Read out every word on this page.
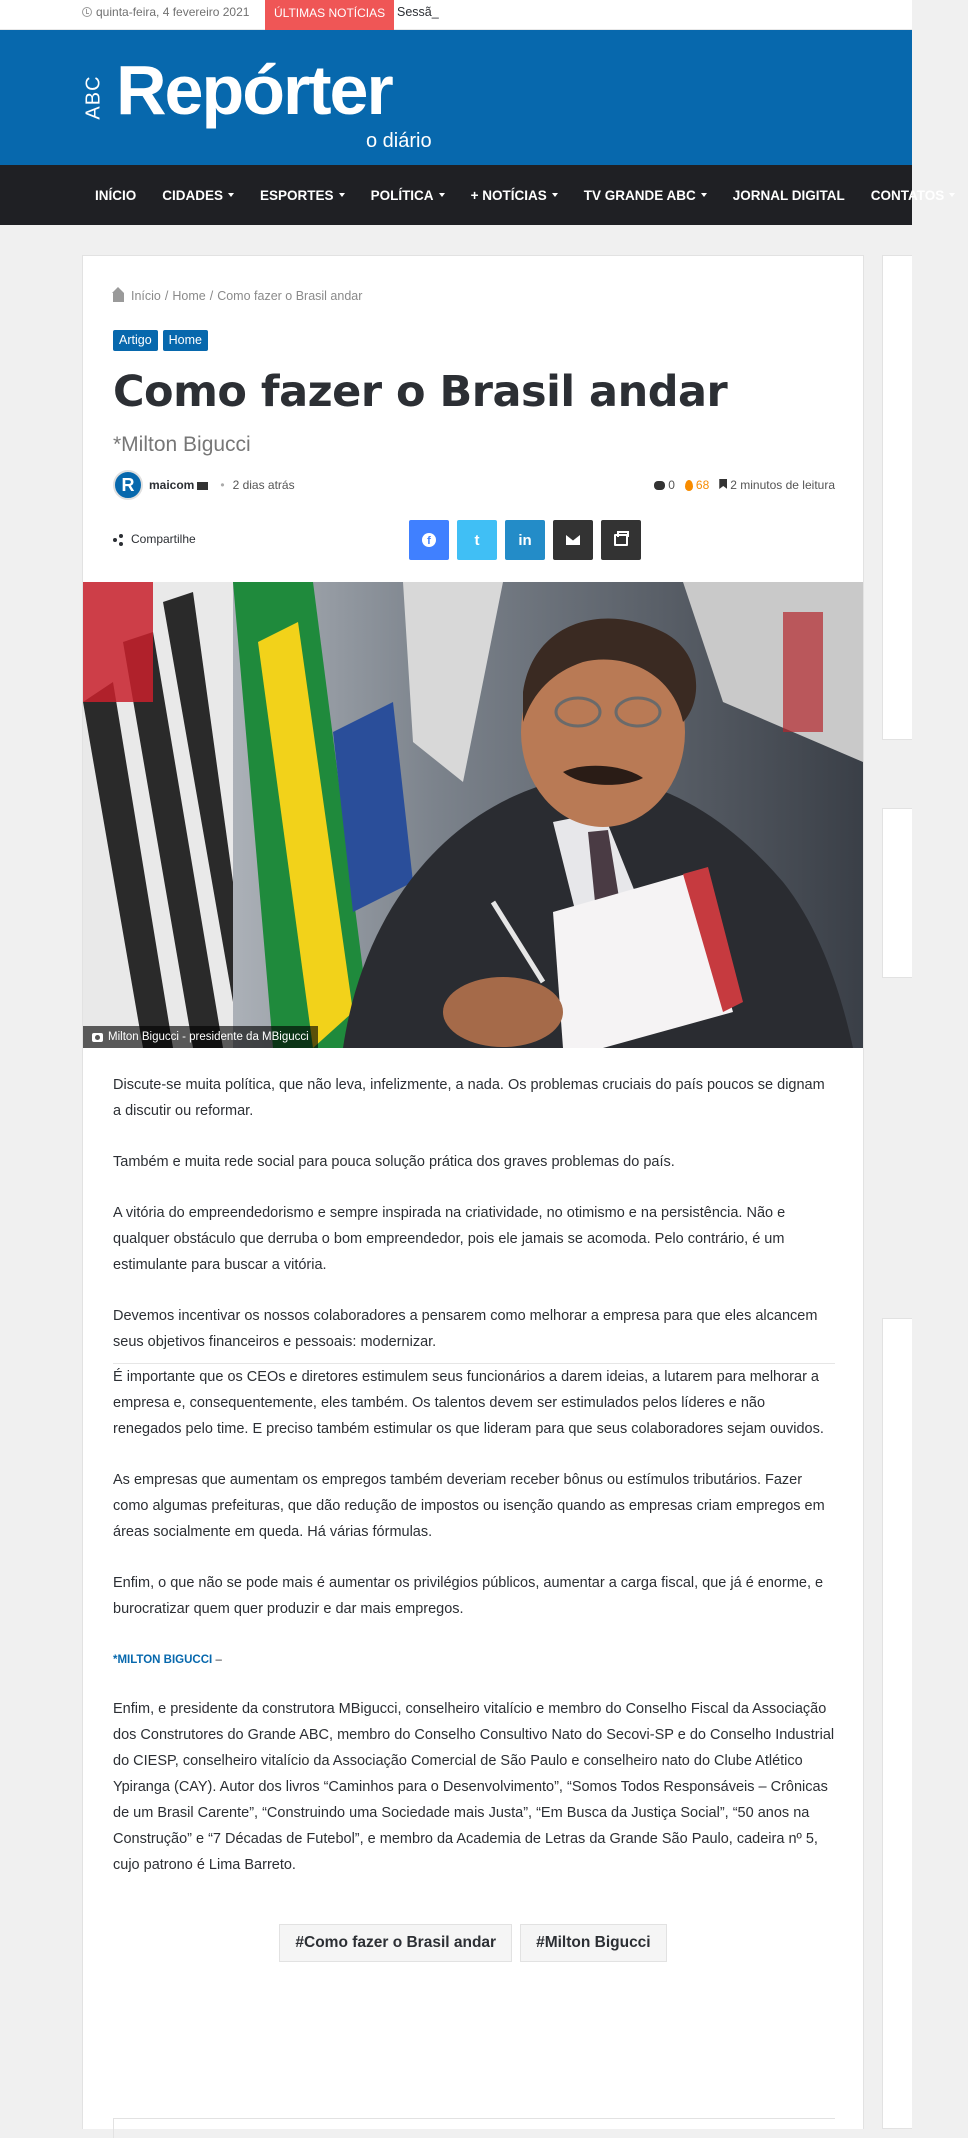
quinta-feira, 4 fevereiro 2021	ÚLTIMAS NOTÍCIAS Sessã_
ABC Repórter
o diário
INÍCIO CIDADES	ESPORTES	POLÍTICA	+ NOTÍCIAS	TV GRANDE ABC	JORNAL DIGITAL CONTATOS
Início / Home / Como fazer o Brasil andar
Artigo	Home
Como fazer o Brasil andar
*Milton Bigucci
R	maicom • 2 dias atrás	0 68	2 minutos de leitura
Compartilhe	f	t	in
Milton Bigucci - presidente da MBigucci

Discute-se muita política, que não leva, infelizmente, a nada. Os problemas cruciais do país poucos se dignam a discutir ou reformar.

Também e muita rede social para pouca solução prática dos graves problemas do país.

A vitória do empreendedorismo e sempre inspirada na criatividade, no otimismo e na persistência. Não e qualquer obstáculo que derruba o bom empreendedor, pois ele jamais se acomoda. Pelo contrário, é um estimulante para buscar a vitória.

Devemos incentivar os nossos colaboradores a pensarem como melhorar a empresa para que eles alcancem seus objetivos financeiros e pessoais: modernizar.

É importante que os CEOs e diretores estimulem seus funcionários a darem ideias, a lutarem para melhorar a empresa e, consequentemente, eles também. Os talentos devem ser estimulados pelos líderes e não renegados pelo time. E preciso também estimular os que lideram para que seus colaboradores sejam ouvidos.

As empresas que aumentam os empregos também deveriam receber bônus ou estímulos tributários. Fazer como algumas prefeituras, que dão redução de impostos ou isenção quando as empresas criam empregos em áreas socialmente em queda. Há várias fórmulas.

Enfim, o que não se pode mais é aumentar os privilégios públicos, aumentar a carga fiscal, que já é enorme, e burocratizar quem quer produzir e dar mais empregos.

*MILTON BIGUCCI –

Enfim, e presidente da construtora MBigucci, conselheiro vitalício e membro do Conselho Fiscal da Associação dos Construtores do Grande ABC, membro do Conselho Consultivo Nato do Secovi-SP e do Conselho Industrial do CIESP, conselheiro vitalício da Associação Comercial de São Paulo e conselheiro nato do Clube Atlético Ypiranga (CAY). Autor dos livros “Caminhos para o Desenvolvimento”, “Somos Todos Responsáveis – Crônicas de um Brasil Carente”, “Construindo uma Sociedade mais Justa”, “Em Busca da Justiça Social”, “50 anos na Construção” e “7 Décadas de Futebol”, e membro da Academia de Letras da Grande São Paulo, cadeira nº 5, cujo patrono é Lima Barreto.

#Como fazer o Brasil andar	#Milton Bigucci
